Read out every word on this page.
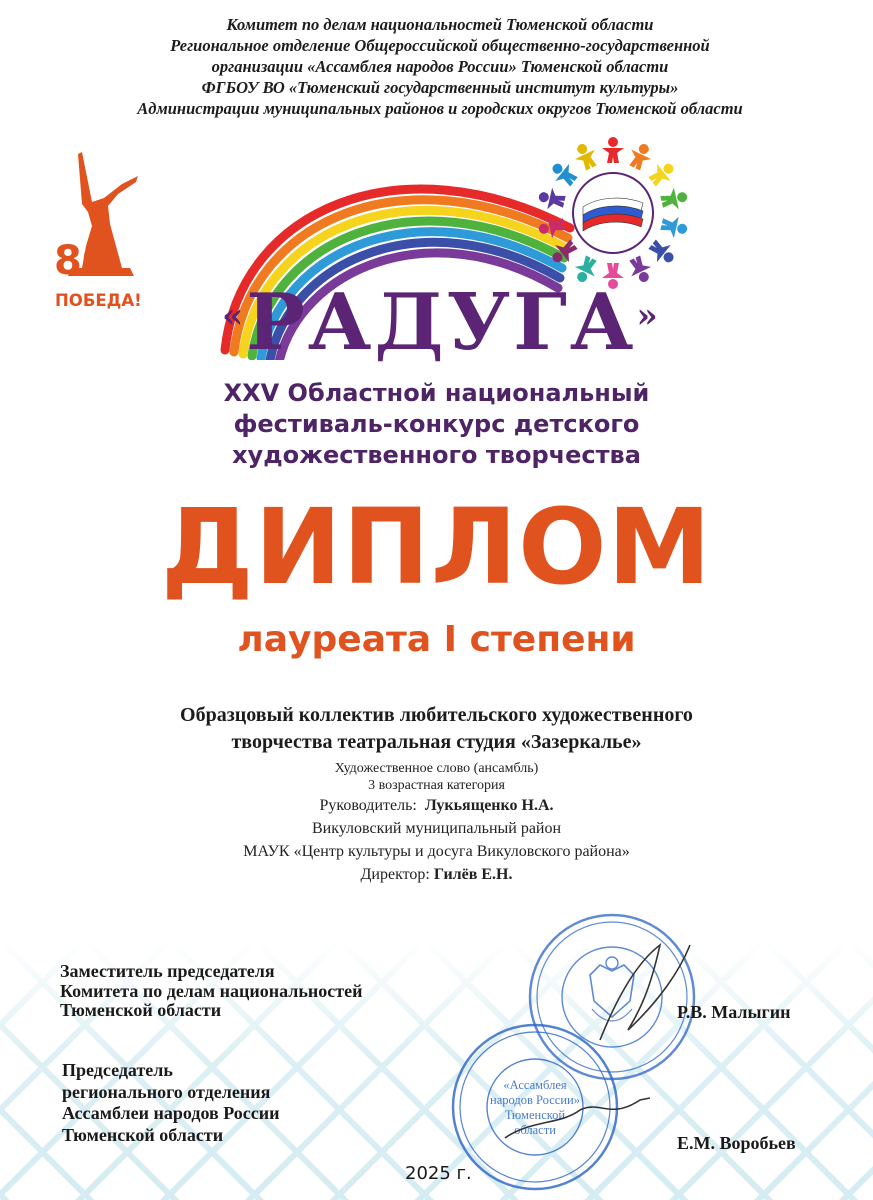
Комитет по делам национальностей Тюменской области
Региональное отделение Общероссийской общественно-государственной
организации «Ассамблея народов России» Тюменской области
ФГБОУ ВО «Тюменский государственный институт культуры»
Администрации муниципальных районов и городских округов Тюменской области
80
ПОБЕДА! «РАДУГА»
XXV Областной национальный
фестиваль-конкурс детского
художественного творчества
ДИПЛОМ
лауреата I степени
Образцовый коллектив любительского художественного
творчества театральная студия «Зазеркалье»
Художественное слово (ансамбль)
3 возрастная категория
Руководитель: Лукьященко Н.А.
Викуловский муниципальный район
МАУК «Центр культуры и досуга Викуловского района»
Директор: Гилёв Е.Н.
«Ассамблея
народов России»
Тюменской
области
Заместитель председателя
Комитета по делам национальностей
Тюменской области	Р.В. Малыгин
Председатель
регионального отделения
Ассамблеи народов России
Тюменской области	Е.М. Воробьев
2025 г.
